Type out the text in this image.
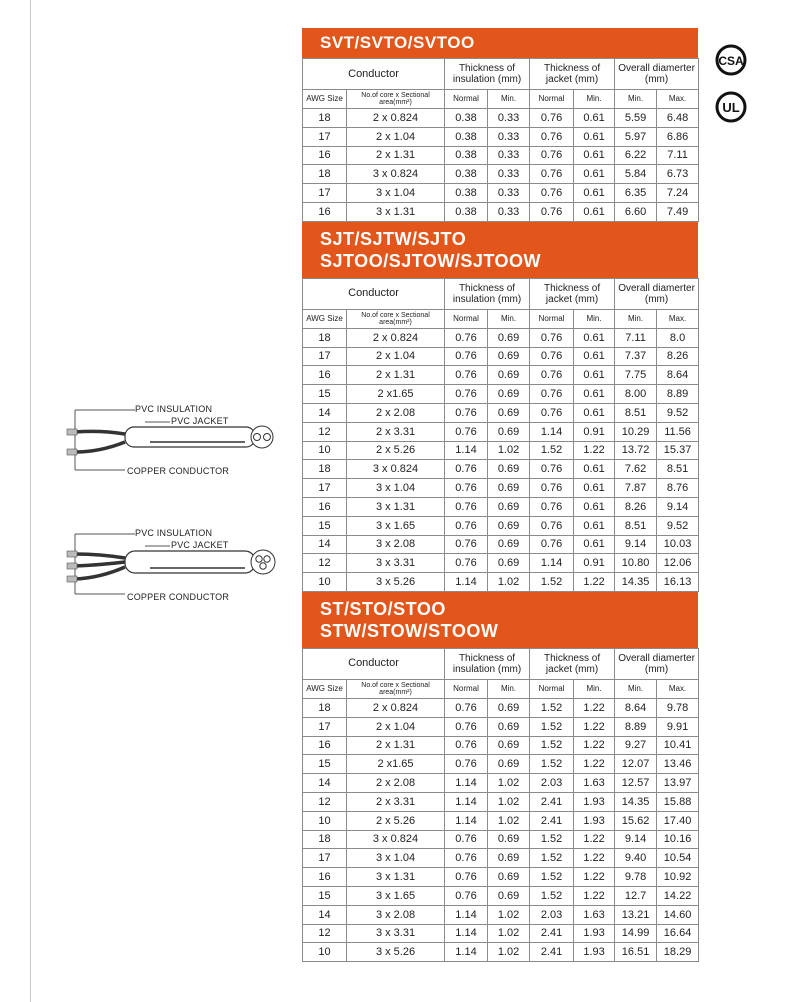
CSA

UL
PVC INSULATION
PVC JACKET
COPPER CONDUCTOR
PVC INSULATION
PVC JACKET
COPPER CONDUCTOR
SVT/SVTO/SVTOO
Conductor		Thickness of insulation (mm)		Thickness of jacket (mm)		Overall diamerter (mm)	
AWG Size	No.of core x Sectional area(mm²)	Normal	Min.	Normal	Min.	Min.	Max.
18	2 x 0.824	0.38	0.33	0.76	0.61	5.59	6.48
17	2 x 1.04	0.38	0.33	0.76	0.61	5.97	6.86
16	2 x 1.31	0.38	0.33	0.76	0.61	6.22	7.11
18	3 x 0.824	0.38	0.33	0.76	0.61	5.84	6.73
17	3 x 1.04	0.38	0.33	0.76	0.61	6.35	7.24
16	3 x 1.31	0.38	0.33	0.76	0.61	6.60	7.49
SJT/SJTW/SJTO
SJTOO/SJTOW/SJTOOW
Conductor		Thickness of insulation (mm)		Thickness of jacket (mm)		Overall diamerter (mm)	
AWG Size	No.of core x Sectional area(mm²)	Normal	Min.	Normal	Min.	Min.	Max.
18	2 x 0.824	0.76	0.69	0.76	0.61	7.11	8.0
17	2 x 1.04	0.76	0.69	0.76	0.61	7.37	8.26
16	2 x 1.31	0.76	0.69	0.76	0.61	7.75	8.64
15	2 x1.65	0.76	0.69	0.76	0.61	8.00	8.89
14	2 x 2.08	0.76	0.69	0.76	0.61	8.51	9.52
12	2 x 3.31	0.76	0.69	1.14	0.91	10.29	11.56
10	2 x 5.26	1.14	1.02	1.52	1.22	13.72	15.37
18	3 x 0.824	0.76	0.69	0.76	0.61	7.62	8.51
17	3 x 1.04	0.76	0.69	0.76	0.61	7.87	8.76
16	3 x 1.31	0.76	0.69	0.76	0.61	8.26	9.14
15	3 x 1.65	0.76	0.69	0.76	0.61	8.51	9.52
14	3 x 2.08	0.76	0.69	0.76	0.61	9.14	10.03
12	3 x 3.31	0.76	0.69	1.14	0.91	10.80	12.06
10	3 x 5.26	1.14	1.02	1.52	1.22	14.35	16.13
ST/STO/STOO
STW/STOW/STOOW
Conductor		Thickness of insulation (mm)		Thickness of jacket (mm)		Overall diamerter (mm)	
AWG Size	No.of core x Sectional area(mm²)	Normal	Min.	Normal	Min.	Min.	Max.
18	2 x 0.824	0.76	0.69	1.52	1.22	8.64	9.78
17	2 x 1.04	0.76	0.69	1.52	1.22	8.89	9.91
16	2 x 1.31	0.76	0.69	1.52	1.22	9.27	10.41
15	2 x1.65	0.76	0.69	1.52	1.22	12.07	13.46
14	2 x 2.08	1.14	1.02	2.03	1.63	12.57	13.97
12	2 x 3.31	1.14	1.02	2.41	1.93	14.35	15.88
10	2 x 5.26	1.14	1.02	2.41	1.93	15.62	17.40
18	3 x 0.824	0.76	0.69	1.52	1.22	9.14	10.16
17	3 x 1.04	0.76	0.69	1.52	1.22	9.40	10.54
16	3 x 1.31	0.76	0.69	1.52	1.22	9.78	10.92
15	3 x 1.65	0.76	0.69	1.52	1.22	12.7	14.22
14	3 x 2.08	1.14	1.02	2.03	1.63	13.21	14.60
12	3 x 3.31	1.14	1.02	2.41	1.93	14.99	16.64
10	3 x 5.26	1.14	1.02	2.41	1.93	16.51	18.29
